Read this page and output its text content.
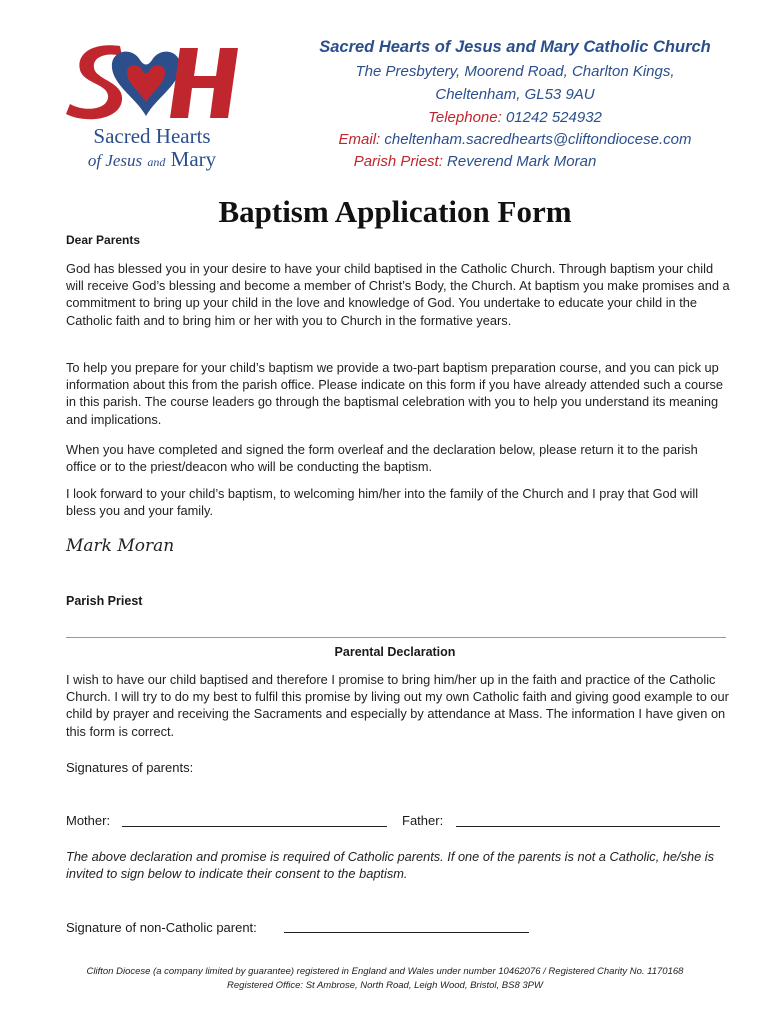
Sacred Hearts
of Jesus and Mary
Sacred Hearts of Jesus and Mary Catholic Church
The Presbytery, Moorend Road, Charlton Kings,
Cheltenham, GL53 9AU
Telephone: 01242 524932
Email: cheltenham.sacredhearts@cliftondiocese.com
Parish Priest: Reverend Mark Moran
Baptism Application Form
Dear Parents
God has blessed you in your desire to have your child baptised in the Catholic Church. Through baptism your child will receive God’s blessing and become a member of Christ’s Body, the Church. At baptism you make promises and a commitment to bring up your child in the love and knowledge of God. You undertake to educate your child in the Catholic faith and to bring him or her with you to Church in the formative years.
To help you prepare for your child’s baptism we provide a two-part baptism preparation course, and you can pick up information about this from the parish office. Please indicate on this form if you have already attended such a course in this parish. The course leaders go through the baptismal celebration with you to help you understand its meaning and implications.
When you have completed and signed the form overleaf and the declaration below, please return it to the parish office or to the priest/deacon who will be conducting the baptism.
I look forward to your child’s baptism, to welcoming him/her into the family of the Church and I pray that God will bless you and your family.
Mark Moran
Parish Priest
Parental Declaration
I wish to have our child baptised and therefore I promise to bring him/her up in the faith and practice of the Catholic Church. I will try to do my best to fulfil this promise by living out my own Catholic faith and giving good example to our child by prayer and receiving the Sacraments and especially by attendance at Mass. The information I have given on this form is correct.
Signatures of parents:
Mother:	Father:
The above declaration and promise is required of Catholic parents. If one of the parents is not a Catholic, he/she is invited to sign below to indicate their consent to the baptism.
Signature of non-Catholic parent:
Clifton Diocese (a company limited by guarantee) registered in England and Wales under number 10462076 / Registered Charity No. 1170168
Registered Office: St Ambrose, North Road, Leigh Wood, Bristol, BS8 3PW
